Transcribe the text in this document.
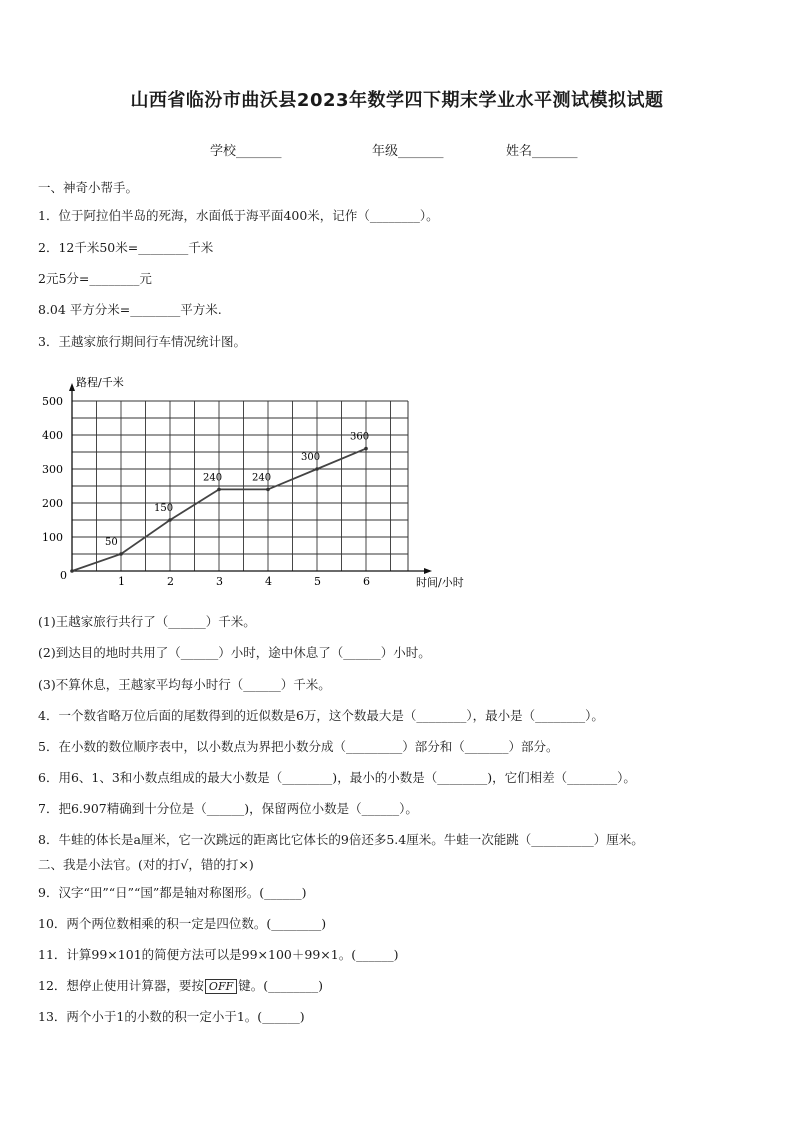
山西省临汾市曲沃县2023年数学四下期末学业水平测试模拟试题
学校_______	年级_______	姓名_______
一、神奇小帮手。
1．位于阿拉伯半岛的死海，水面低于海平面400米，记作（________）。
2．12千米50米=________千米
2元5分=________元
8.04 平方分米=________平方米.
3．王越家旅行期间行车情况统计图。
1	2	3	4	5	6
100
200
300
400
500
路程/千米
时间/小时
0
50
150
240	240
300
360
(1)王越家旅行共行了（______）千米。
(2)到达目的地时共用了（______）小时，途中休息了（______）小时。
(3)不算休息，王越家平均每小时行（______）千米。
4．一个数省略万位后面的尾数得到的近似数是6万，这个数最大是（________），最小是（________）。
5．在小数的数位顺序表中，以小数点为界把小数分成（_________）部分和（_______）部分。
6．用6、1、3和小数点组成的最大小数是（________)，最小的小数是（________)，它们相差（________）。
7．把6.907精确到十分位是（______)，保留两位小数是（______）。
8．牛蛙的体长是a厘米，它一次跳远的距离比它体长的9倍还多5.4厘米。牛蛙一次能跳（__________）厘米。
二、我是小法官。(对的打√，错的打×)
9．汉字“田”“日”“国”都是轴对称图形。(______)
10．两个两位数相乘的积一定是四位数。(________)
11．计算99×101的简便方法可以是99×100＋99×1。(______)
12．想停止使用计算器，要按 OFF 键。(________)
13．两个小于1的小数的积一定小于1。(______)
